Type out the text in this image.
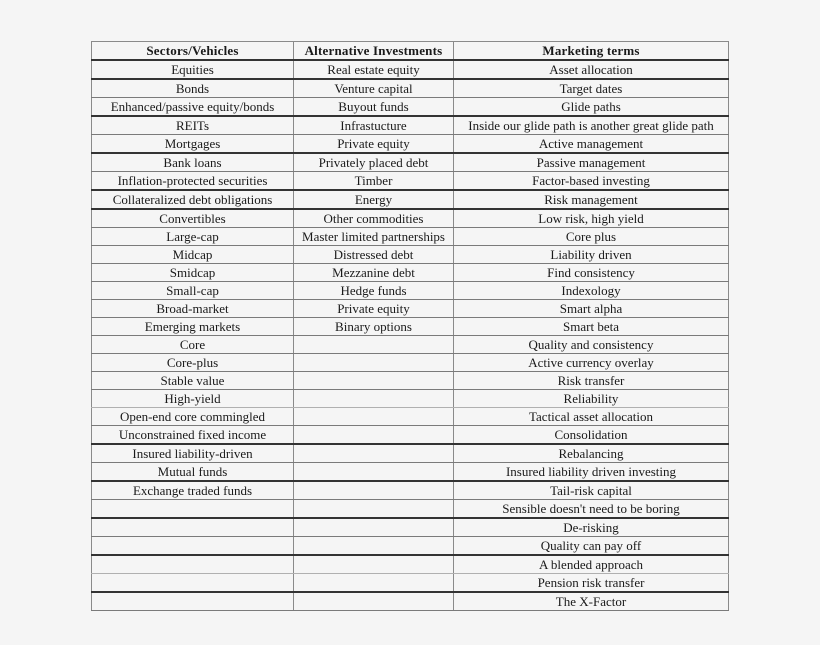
Sectors/Vehicles	Alternative Investments	Marketing terms
Equities	Real estate equity	Asset allocation
Bonds	Venture capital	Target dates
Enhanced/passive equity/bonds	Buyout funds	Glide paths
REITs	Infrastucture	Inside our glide path is another great glide path
Mortgages	Private equity	Active management
Bank loans	Privately placed debt	Passive management
Inflation-protected securities	Timber	Factor-based investing
Collateralized debt obligations	Energy	Risk management
Convertibles	Other commodities	Low risk, high yield
Large-cap	Master limited partnerships	Core plus
Midcap	Distressed debt	Liability driven
Smidcap	Mezzanine debt	Find consistency
Small-cap	Hedge funds	Indexology
Broad-market	Private equity	Smart alpha
Emerging markets	Binary options	Smart beta
Core		Quality and consistency
Core-plus		Active currency overlay
Stable value		Risk transfer
High-yield		Reliability
Open-end core commingled		Tactical asset allocation
Unconstrained fixed income		Consolidation
Insured liability-driven		Rebalancing
Mutual funds		Insured liability driven investing
Exchange traded funds		Tail-risk capital
		Sensible doesn't need to be boring
		De-risking
		Quality can pay off
		A blended approach
		Pension risk transfer
		The X-Factor
